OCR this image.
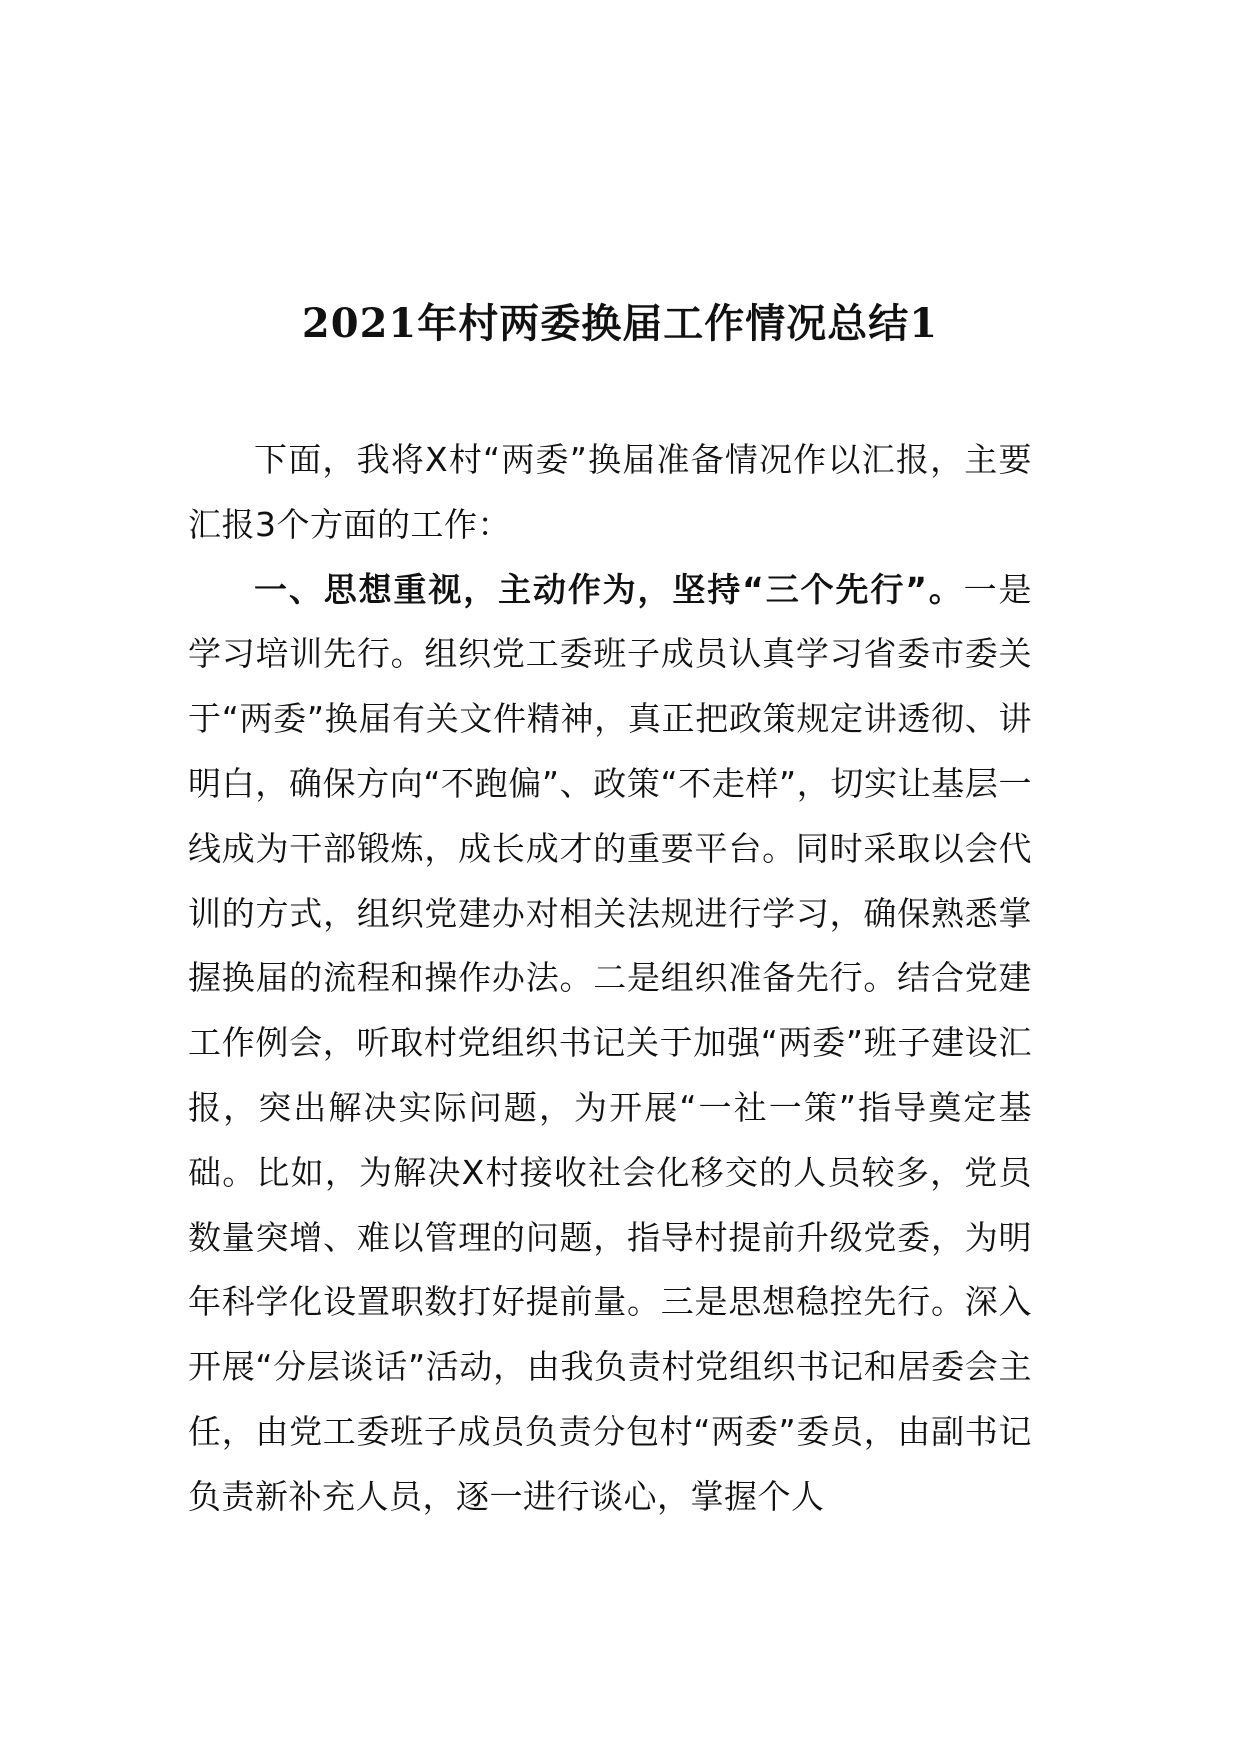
2021年村两委换届工作情况总结1

下面，我将X村“两委”换届准备情况作以汇报，主要汇报3个方面的工作：

一、思想重视，主动作为，坚持“三个先行”。一是学习培训先行。组织党工委班子成员认真学习省委市委关于“两委”换届有关文件精神，真正把政策规定讲透彻、讲明白，确保方向“不跑偏”、政策“不走样”，切实让基层一线成为干部锻炼，成长成才的重要平台。同时采取以会代训的方式，组织党建办对相关法规进行学习，确保熟悉掌握换届的流程和操作办法。二是组织准备先行。结合党建工作例会，听取村党组织书记关于加强“两委”班子建设汇报，突出解决实际问题，为开展“一社一策”指导奠定基础。比如，为解决X村接收社会化移交的人员较多，党员数量突增、难以管理的问题，指导村提前升级党委，为明年科学化设置职数打好提前量。三是思想稳控先行。深入开展“分层谈话”活动，由我负责村党组织书记和居委会主任，由党工委班子成员负责分包村“两委”委员，由副书记负责新补充人员，逐一进行谈心，掌握个人
